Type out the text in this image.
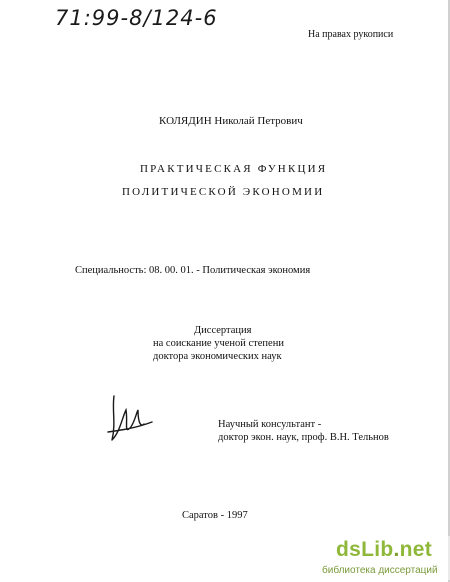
71:99-8/124-6
На правах рукописи
КОЛЯДИН Николай Петрович
ПРАКТИЧЕСКАЯ ФУНКЦИЯ
ПОЛИТИЧЕСКОЙ ЭКОНОМИИ
Специальность: 08. 00. 01. - Политическая экономия
Диссертация
на соискание ученой степени
доктора экономических наук
Научный консультант -
доктор экон. наук, проф. В.Н. Тельнов
Саратов - 1997
dsLib.net
библиотека диссертаций
